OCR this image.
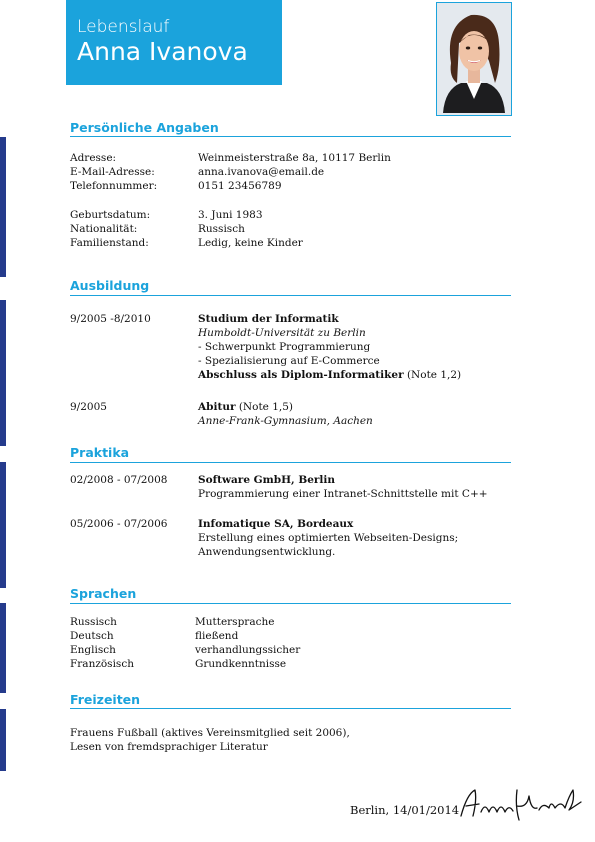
Lebenslauf
Anna Ivanova
Persönliche Angaben
Adresse:	Weinmeisterstraße 8a, 10117 Berlin
E-Mail-Adresse:	anna.ivanova@email.de
Telefonnummer:	0151 23456789
Geburtsdatum:	3. Juni 1983
Nationalität:	Russisch
Familienstand:	Ledig, keine Kinder
Ausbildung
9/2005 -8/2010	Studium der Informatik
Humboldt-Universität zu Berlin
- Schwerpunkt Programmierung
- Spezialisierung auf E-Commerce
Abschluss als Diplom-Informatiker (Note 1,2)
9/2005	Abitur (Note 1,5)
Anne-Frank-Gymnasium, Aachen
Praktika
02/2008 - 07/2008	Software GmbH, Berlin
Programmierung einer Intranet-Schnittstelle mit C++
05/2006 - 07/2006	Infomatique SA, Bordeaux
Erstellung eines optimierten Webseiten-Designs;
Anwendungsentwicklung.
Sprachen
Russisch	Muttersprache
Deutsch	fließend
Englisch	verhandlungssicher
Französisch	Grundkenntnisse
Freizeiten
Frauens Fußball (aktives Vereinsmitglied seit 2006),
Lesen von fremdsprachiger Literatur
Berlin, 14/01/2014
